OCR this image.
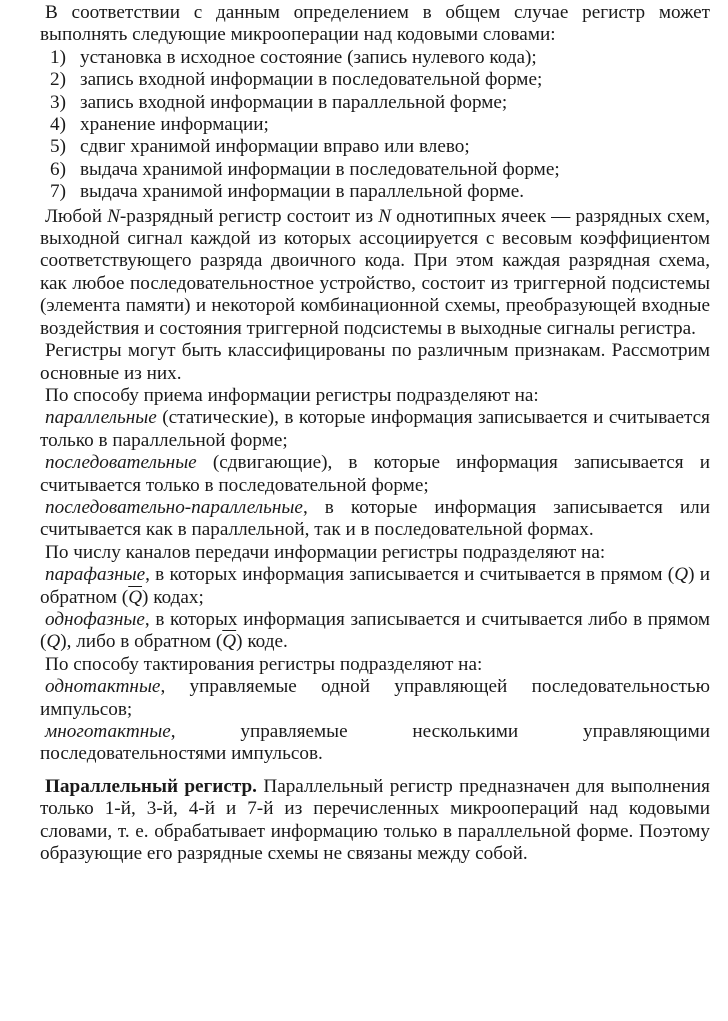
В соответствии с данным определением в общем случае регистр может выполнять следующие микрооперации над кодовыми словами:

1) установка в исходное состояние (запись нулевого кода);
2) запись входной информации в последовательной форме;
3) запись входной информации в параллельной форме;
4) хранение информации;
5) сдвиг хранимой информации вправо или влево;
6) выдача хранимой информации в последовательной форме;
7) выдача хранимой информации в параллельной форме.

Любой N-разрядный регистр состоит из N однотипных ячеек — разрядных схем, выходной сигнал каждой из которых ассоциируется с весовым коэффициентом соответствующего разряда двоичного кода. При этом каждая разрядная схема, как любое последовательностное устройство, состоит из триггерной подсистемы (элемента памяти) и некоторой комбинационной схемы, преобразующей входные воздействия и состояния триггерной подсистемы в выходные сигналы регистра.

Регистры могут быть классифицированы по различным признакам. Рассмотрим основные из них.

По способу приема информации регистры подразделяют на:

параллельные (статические), в которые информация записывается и считывается только в параллельной форме;

последовательные (сдвигающие), в которые информация записывается и считывается только в последовательной форме;

последовательно-параллельные, в которые информация записывается или считывается как в параллельной, так и в последовательной формах.

По числу каналов передачи информации регистры подразделяют на:

парафазные, в которых информация записывается и считывается в прямом (Q) и обратном $(\overline{Q})$ кодах;

однофазные, в которых информация записывается и считывается либо в прямом (Q), либо в обратном $(\overline{Q})$ коде.

По способу тактирования регистры подразделяют на:

однотактные, управляемые одной управляющей последовательностью импульсов;

многотактные, управляемые несколькими управляющими последовательностями импульсов.

Параллельный регистр. Параллельный регистр предназначен для выполнения только 1-й, 3-й, 4-й и 7-й из перечисленных микроопераций над кодовыми словами, т. е. обрабатывает информацию только в параллельной форме. Поэтому образующие его разрядные схемы не связаны между собой.
